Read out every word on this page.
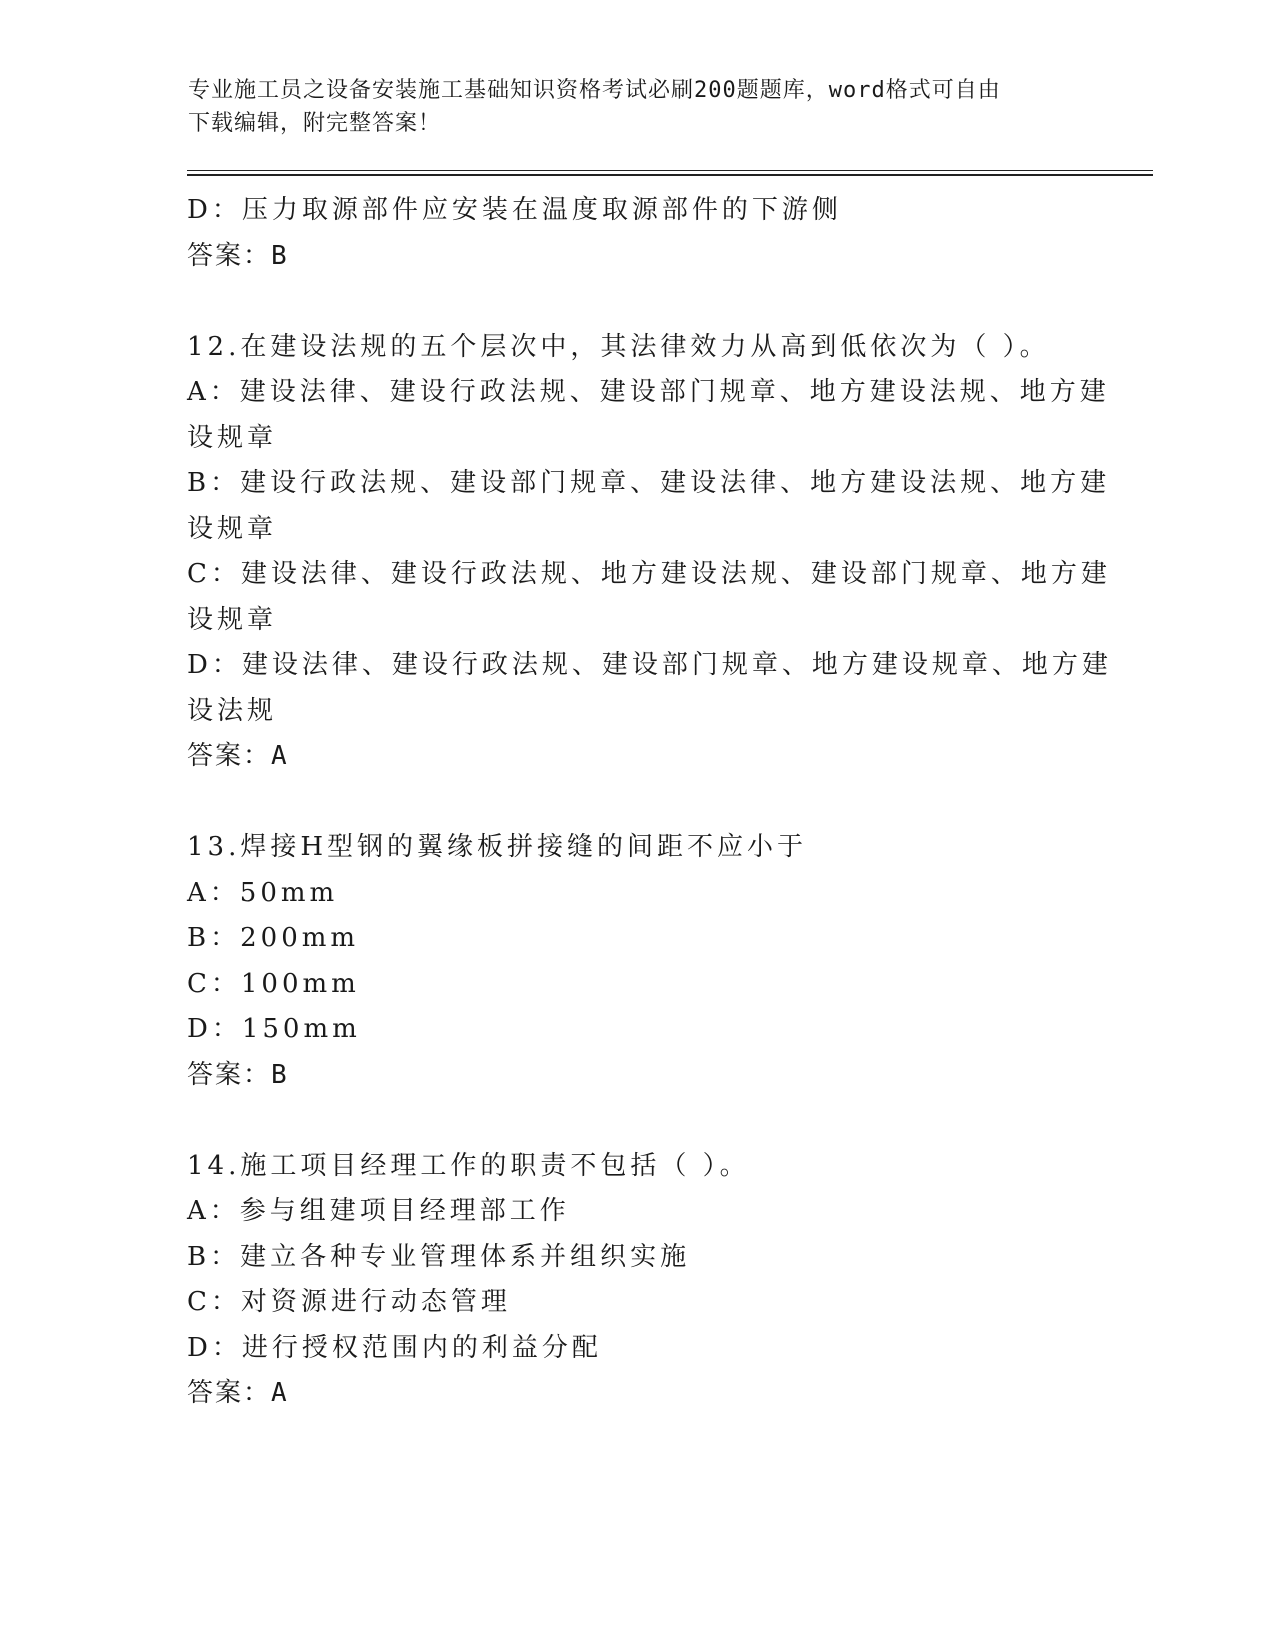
专业施工员之设备安装施工基础知识资格考试必刷200题题库，word格式可自由
下载编辑，附完整答案！
D：压力取源部件应安装在温度取源部件的下游侧
答案：B
12.在建设法规的五个层次中，其法律效力从高到低依次为（ ）。
A：建设法律、建设行政法规、建设部门规章、地方建设法规、地方建
设规章
B：建设行政法规、建设部门规章、建设法律、地方建设法规、地方建
设规章
C：建设法律、建设行政法规、地方建设法规、建设部门规章、地方建
设规章
D：建设法律、建设行政法规、建设部门规章、地方建设规章、地方建
设法规
答案：A
13.焊接H型钢的翼缘板拼接缝的间距不应小于
A：50mm
B：200mm
C：100mm
D：150mm
答案：B
14.施工项目经理工作的职责不包括（ ）。
A：参与组建项目经理部工作
B：建立各种专业管理体系并组织实施
C：对资源进行动态管理
D：进行授权范围内的利益分配
答案：A
